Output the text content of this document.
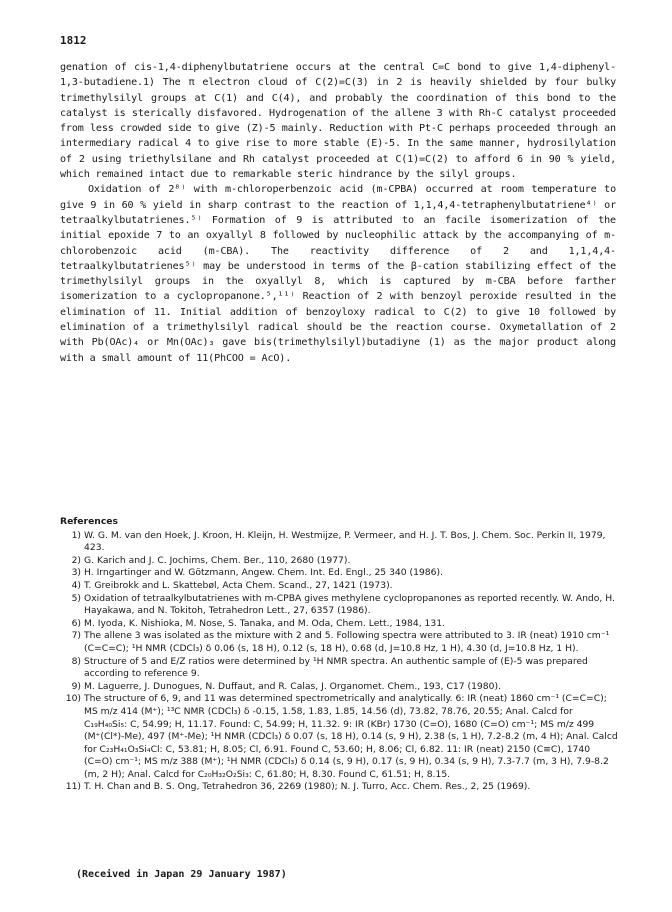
1812

genation of cis-1,4-diphenylbutatriene occurs at the central C=C bond to give 1,4-diphenyl-1,3-butadiene.1) The π electron cloud of C(2)=C(3) in 2 is heavily shielded by four bulky trimethylsilyl groups at C(1) and C(4), and probably the coordination of this bond to the catalyst is sterically disfavored. Hydrogenation of the allene 3 with Rh-C catalyst proceeded from less crowded side to give (Z)-5 mainly. Reduction with Pt-C perhaps proceeded through an intermediary radical 4 to give rise to more stable (E)-5. In the same manner, hydrosilylation of 2 using triethylsilane and Rh catalyst proceeded at C(1)=C(2) to afford 6 in 90 % yield, which remained intact due to remarkable steric hindrance by the silyl groups.

Oxidation of 2⁸⁾ with m-chloroperbenzoic acid (m-CPBA) occurred at room temperature to give 9 in 60 % yield in sharp contrast to the reaction of 1,1,4,4-tetraphenylbutatriene⁴⁾ or tetraalkylbutatrienes.⁵⁾ Formation of 9 is attributed to an facile isomerization of the initial epoxide 7 to an oxyallyl 8 followed by nucleophilic attack by the accompanying of m-chlorobenzoic acid (m-CBA). The reactivity difference of 2 and 1,1,4,4-tetraalkylbutatrienes⁵⁾ may be understood in terms of the β-cation stabilizing effect of the trimethylsilyl groups in the oxyallyl 8, which is captured by m-CBA before farther isomerization to a cyclopropanone.⁵,¹¹⁾ Reaction of 2 with benzoyl peroxide resulted in the elimination of 11. Initial addition of benzoyloxy radical to C(2) to give 10 followed by elimination of a trimethylsilyl radical should be the reaction course. Oxymetallation of 2 with Pb(OAc)₄ or Mn(OAc)₃ gave bis(trimethylsilyl)butadiyne (1) as the major product along with a small amount of 11(PhCOO = AcO).

References
1) W. G. M. van den Hoek, J. Kroon, H. Kleijn, H. Westmijze, P. Vermeer, and H. J. T. Bos, J. Chem. Soc. Perkin II, 1979, 423.
2) G. Karich and J. C. Jochims, Chem. Ber., 110, 2680 (1977).
3) H. Irngartinger and W. Götzmann, Angew. Chem. Int. Ed. Engl., 25 340 (1986).
4) T. Greibrokk and L. Skattebøl, Acta Chem. Scand., 27, 1421 (1973).
5) Oxidation of tetraalkylbutatrienes with m-CPBA gives methylene cyclopropanones as reported recently. W. Ando, H. Hayakawa, and N. Tokitoh, Tetrahedron Lett., 27, 6357 (1986).
6) M. Iyoda, K. Nishioka, M. Nose, S. Tanaka, and M. Oda, Chem. Lett., 1984, 131.
7) The allene 3 was isolated as the mixture with 2 and 5. Following spectra were attributed to 3. IR (neat) 1910 cm⁻¹ (C=C=C); ¹H NMR (CDCl₃) δ 0.06 (s, 18 H), 0.12 (s, 18 H), 0.68 (d, J=10.8 Hz, 1 H), 4.30 (d, J=10.8 Hz, 1 H).
8) Structure of 5 and E/Z ratios were determined by ¹H NMR spectra. An authentic sample of (E)-5 was prepared according to reference 9.
9) M. Laguerre, J. Dunogues, N. Duffaut, and R. Calas, J. Organomet. Chem., 193, C17 (1980).
10) The structure of 6, 9, and 11 was determined spectrometrically and analytically. 6: IR (neat) 1860 cm⁻¹ (C=C=C); MS m/z 414 (M⁺); ¹³C NMR (CDCl₃) δ -0.15, 1.58, 1.83, 1.85, 14.56 (d), 73.82, 78.76, 20.55; Anal. Calcd for C₁₉H₄₀Si₅: C, 54.99; H, 11.17. Found: C, 54.99; H, 11.32. 9: IR (KBr) 1730 (C=O), 1680 (C=O) cm⁻¹; MS m/z 499 (M⁺(Cl*)-Me), 497 (M⁺-Me); ¹H NMR (CDCl₃) δ 0.07 (s, 18 H), 0.14 (s, 9 H), 2.38 (s, 1 H), 7.2-8.2 (m, 4 H); Anal. Calcd for C₂₃H₄₁O₃Si₄Cl: C, 53.81; H, 8.05; Cl, 6.91. Found C, 53.60; H, 8.06; Cl, 6.82. 11: IR (neat) 2150 (C≡C), 1740 (C=O) cm⁻¹; MS m/z 388 (M⁺); ¹H NMR (CDCl₃) δ 0.14 (s, 9 H), 0.17 (s, 9 H), 0.34 (s, 9 H), 7.3-7.7 (m, 3 H), 7.9-8.2 (m, 2 H); Anal. Calcd for C₂₀H₃₂O₂Si₃: C, 61.80; H, 8.30. Found C, 61.51; H, 8.15.
11) T. H. Chan and B. S. Ong, Tetrahedron 36, 2269 (1980); N. J. Turro, Acc. Chem. Res., 2, 25 (1969).
(Received in Japan 29 January 1987)
